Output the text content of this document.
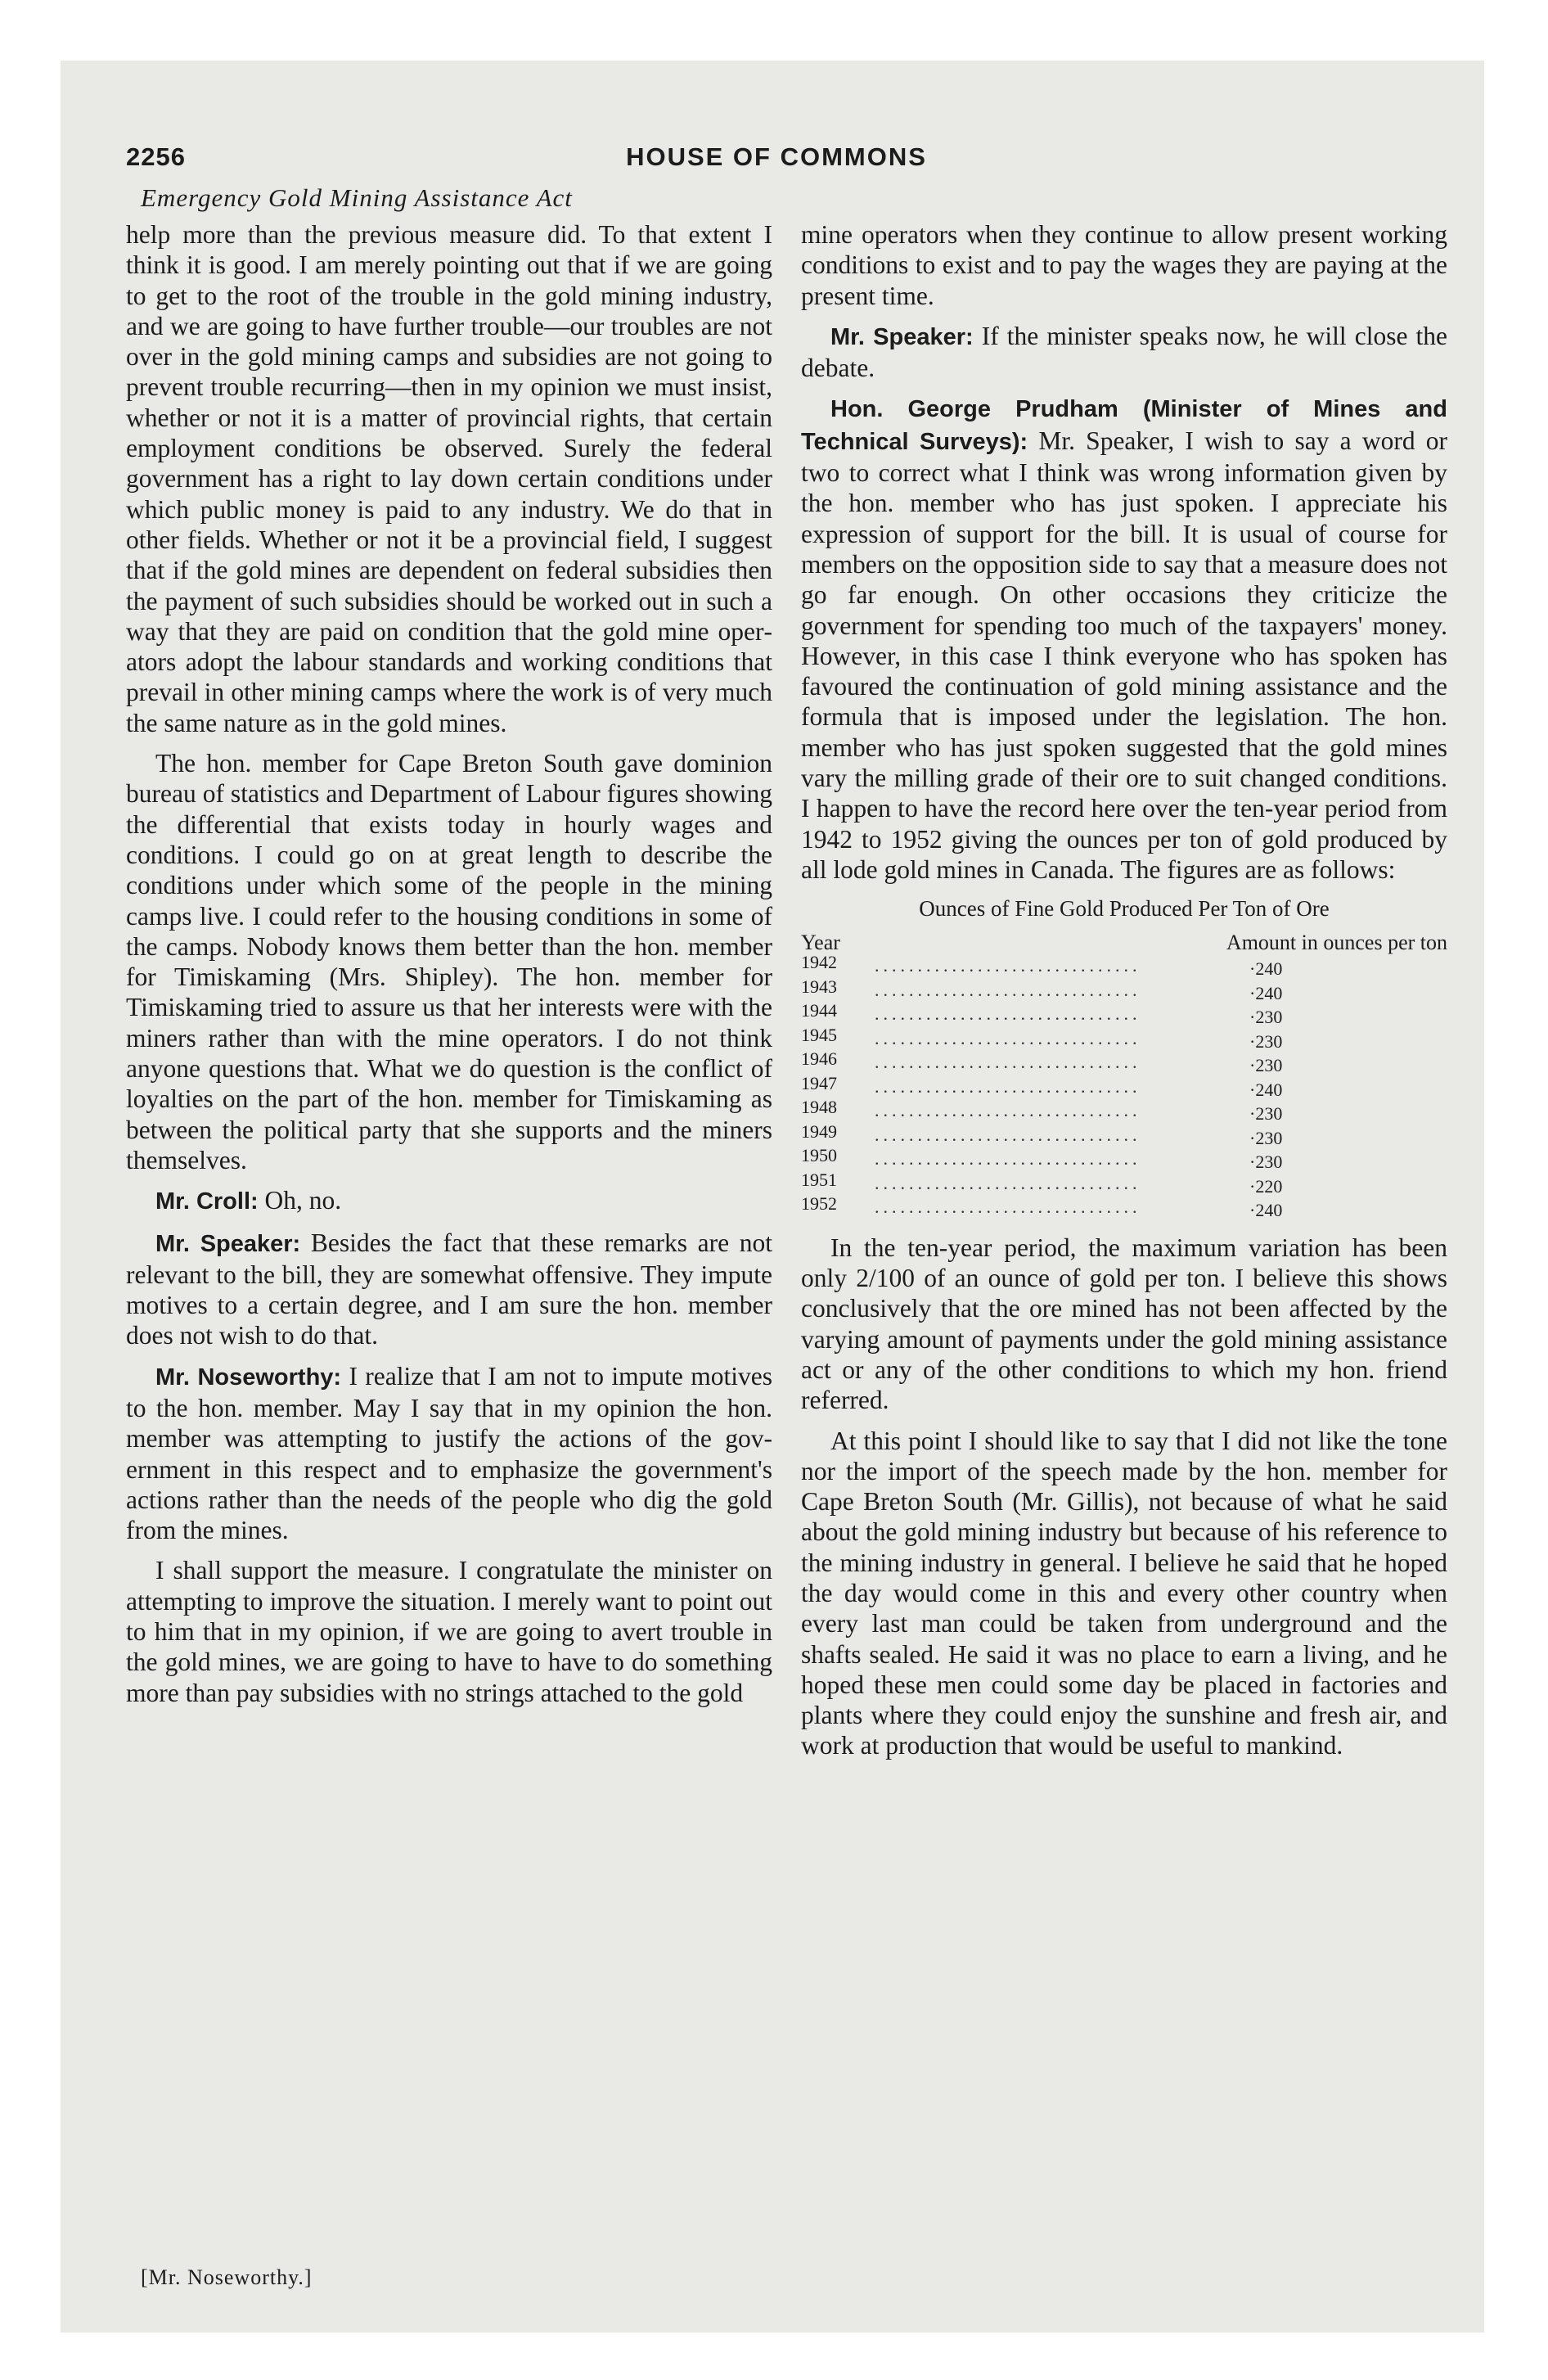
2256	HOUSE OF COMMONS
Emergency Gold Mining Assistance Act

help more than the previous measure did. To that extent I think it is good. I am merely pointing out that if we are going to get to the root of the trouble in the gold mining industry, and we are going to have further trouble—our troubles are not over in the gold mining camps and subsidies are not going to prevent trouble recurring—then in my opinion we must insist, whether or not it is a matter of provincial rights, that certain employment conditions be observed. Surely the federal government has a right to lay down certain conditions under which public money is paid to any industry. We do that in other fields. Whether or not it be a provincial field, I suggest that if the gold mines are dependent on federal subsidies then the payment of such subsidies should be worked out in such a way that they are paid on condition that the gold mine operators adopt the labour standards and working conditions that prevail in other mining camps where the work is of very much the same nature as in the gold mines.

The hon. member for Cape Breton South gave dominion bureau of statistics and Department of Labour figures showing the differential that exists today in hourly wages and conditions. I could go on at great length to describe the conditions under which some of the people in the mining camps live. I could refer to the housing conditions in some of the camps. Nobody knows them better than the hon. member for Timiskaming (Mrs. Shipley). The hon. member for Timiskaming tried to assure us that her interests were with the miners rather than with the mine operators. I do not think anyone questions that. What we do question is the conflict of loyalties on the part of the hon. member for Timiskaming as between the political party that she supports and the miners themselves.

Mr. Croll: Oh, no.

Mr. Speaker: Besides the fact that these remarks are not relevant to the bill, they are somewhat offensive. They impute motives to a certain degree, and I am sure the hon. member does not wish to do that.

Mr. Noseworthy: I realize that I am not to impute motives to the hon. member. May I say that in my opinion the hon. member was attempting to justify the actions of the government in this respect and to emphasize the government's actions rather than the needs of the people who dig the gold from the mines.

I shall support the measure. I congratulate the minister on attempting to improve the situation. I merely want to point out to him that in my opinion, if we are going to avert trouble in the gold mines, we are going to have to have to do something more than pay subsidies with no strings attached to the gold

mine operators when they continue to allow present working conditions to exist and to pay the wages they are paying at the present time.

Mr. Speaker: If the minister speaks now, he will close the debate.

Hon. George Prudham (Minister of Mines and Technical Surveys): Mr. Speaker, I wish to say a word or two to correct what I think was wrong information given by the hon. member who has just spoken. I appreciate his expression of support for the bill. It is usual of course for members on the opposition side to say that a measure does not go far enough. On other occasions they criticize the government for spending too much of the taxpayers' money. However, in this case I think everyone who has spoken has favoured the continuation of gold mining assistance and the formula that is imposed under the legislation. The hon. member who has just spoken suggested that the gold mines vary the milling grade of their ore to suit changed conditions. I happen to have the record here over the ten-year period from 1942 to 1952 giving the ounces per ton of gold produced by all lode gold mines in Canada. The figures are as follows:

Ounces of Fine Gold Produced Per Ton of Ore
Year	Amount in ounces per ton
1942 ...............................	·240
1943 ...............................	·240
1944 ...............................	·230
1945 ...............................	·230
1946 ...............................	·230
1947 ...............................	·240
1948 ...............................	·230
1949 ...............................	·230
1950 ...............................	·230
1951 ...............................	·220
1952 ...............................	·240

In the ten-year period, the maximum variation has been only 2/100 of an ounce of gold per ton. I believe this shows conclusively that the ore mined has not been affected by the varying amount of payments under the gold mining assistance act or any of the other conditions to which my hon. friend referred.

At this point I should like to say that I did not like the tone nor the import of the speech made by the hon. member for Cape Breton South (Mr. Gillis), not because of what he said about the gold mining industry but because of his reference to the mining industry in general. I believe he said that he hoped the day would come in this and every other country when every last man could be taken from underground and the shafts sealed. He said it was no place to earn a living, and he hoped these men could some day be placed in factories and plants where they could enjoy the sunshine and fresh air, and work at production that would be useful to mankind.

[Mr. Noseworthy.]
